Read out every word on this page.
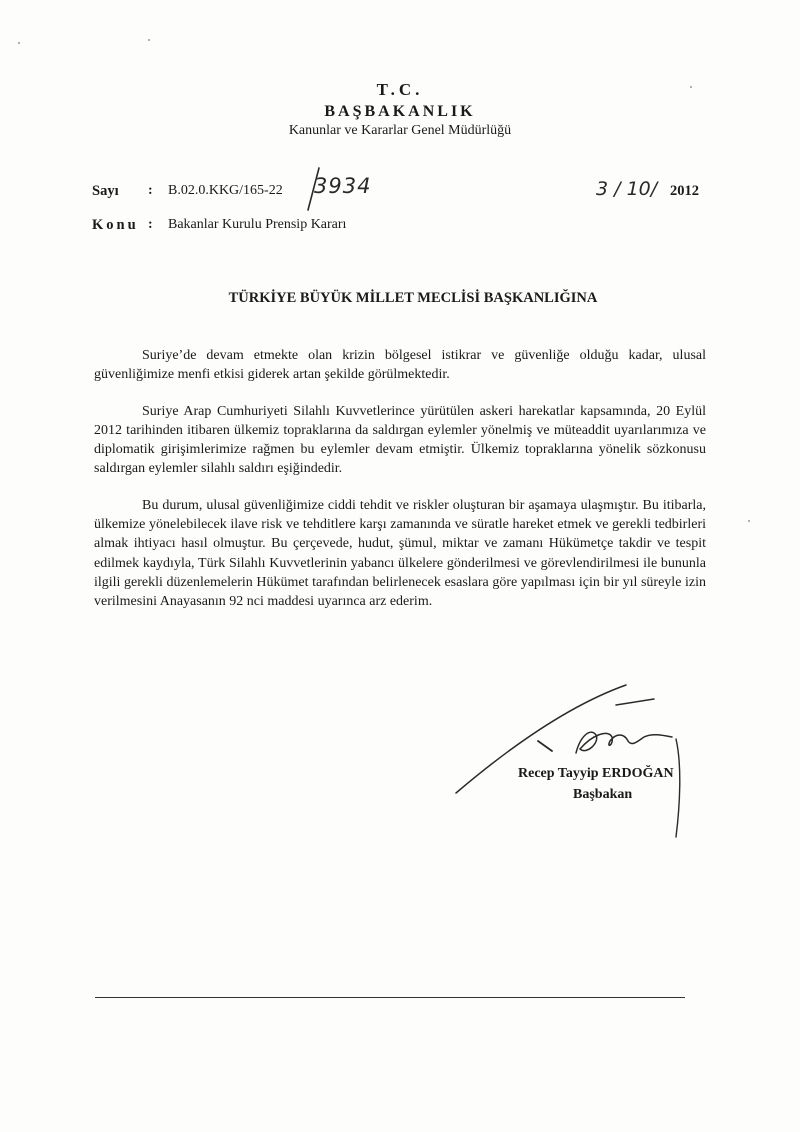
T.C.
BAŞBAKANLIK
Kanunlar ve Kararlar Genel Müdürlüğü
Sayı : B.02.0.KKG/165-22 3934	3 / 10/ 2012
Konu : Bakanlar Kurulu Prensip Kararı
TÜRKİYE BÜYÜK MİLLET MECLİSİ BAŞKANLIĞINA

Suriye’de devam etmekte olan krizin bölgesel istikrar ve güvenliğe olduğu kadar, ulusal güvenliğimize menfi etkisi giderek artan şekilde görülmektedir.

Suriye Arap Cumhuriyeti Silahlı Kuvvetlerince yürütülen askeri harekatlar kapsamında, 20 Eylül 2012 tarihinden itibaren ülkemiz topraklarına da saldırgan eylemler yönelmiş ve müteaddit uyarılarımıza ve diplomatik girişimlerimize rağmen bu eylemler devam etmiştir. Ülkemiz topraklarına yönelik sözkonusu saldırgan eylemler silahlı saldırı eşiğindedir.

Bu durum, ulusal güvenliğimize ciddi tehdit ve riskler oluşturan bir aşamaya ulaşmıştır. Bu itibarla, ülkemize yönelebilecek ilave risk ve tehditlere karşı zamanında ve süratle hareket etmek ve gerekli tedbirleri almak ihtiyacı hasıl olmuştur. Bu çerçevede, hudut, şümul, miktar ve zamanı Hükümetçe takdir ve tespit edilmek kaydıyla, Türk Silahlı Kuvvetlerinin yabancı ülkelere gönderilmesi ve görevlendirilmesi ile bununla ilgili gerekli düzenlemelerin Hükümet tarafından belirlenecek esaslara göre yapılması için bir yıl süreyle izin verilmesini Anayasanın 92 nci maddesi uyarınca arz ederim.

Recep Tayyip ERDOĞAN
Başbakan
